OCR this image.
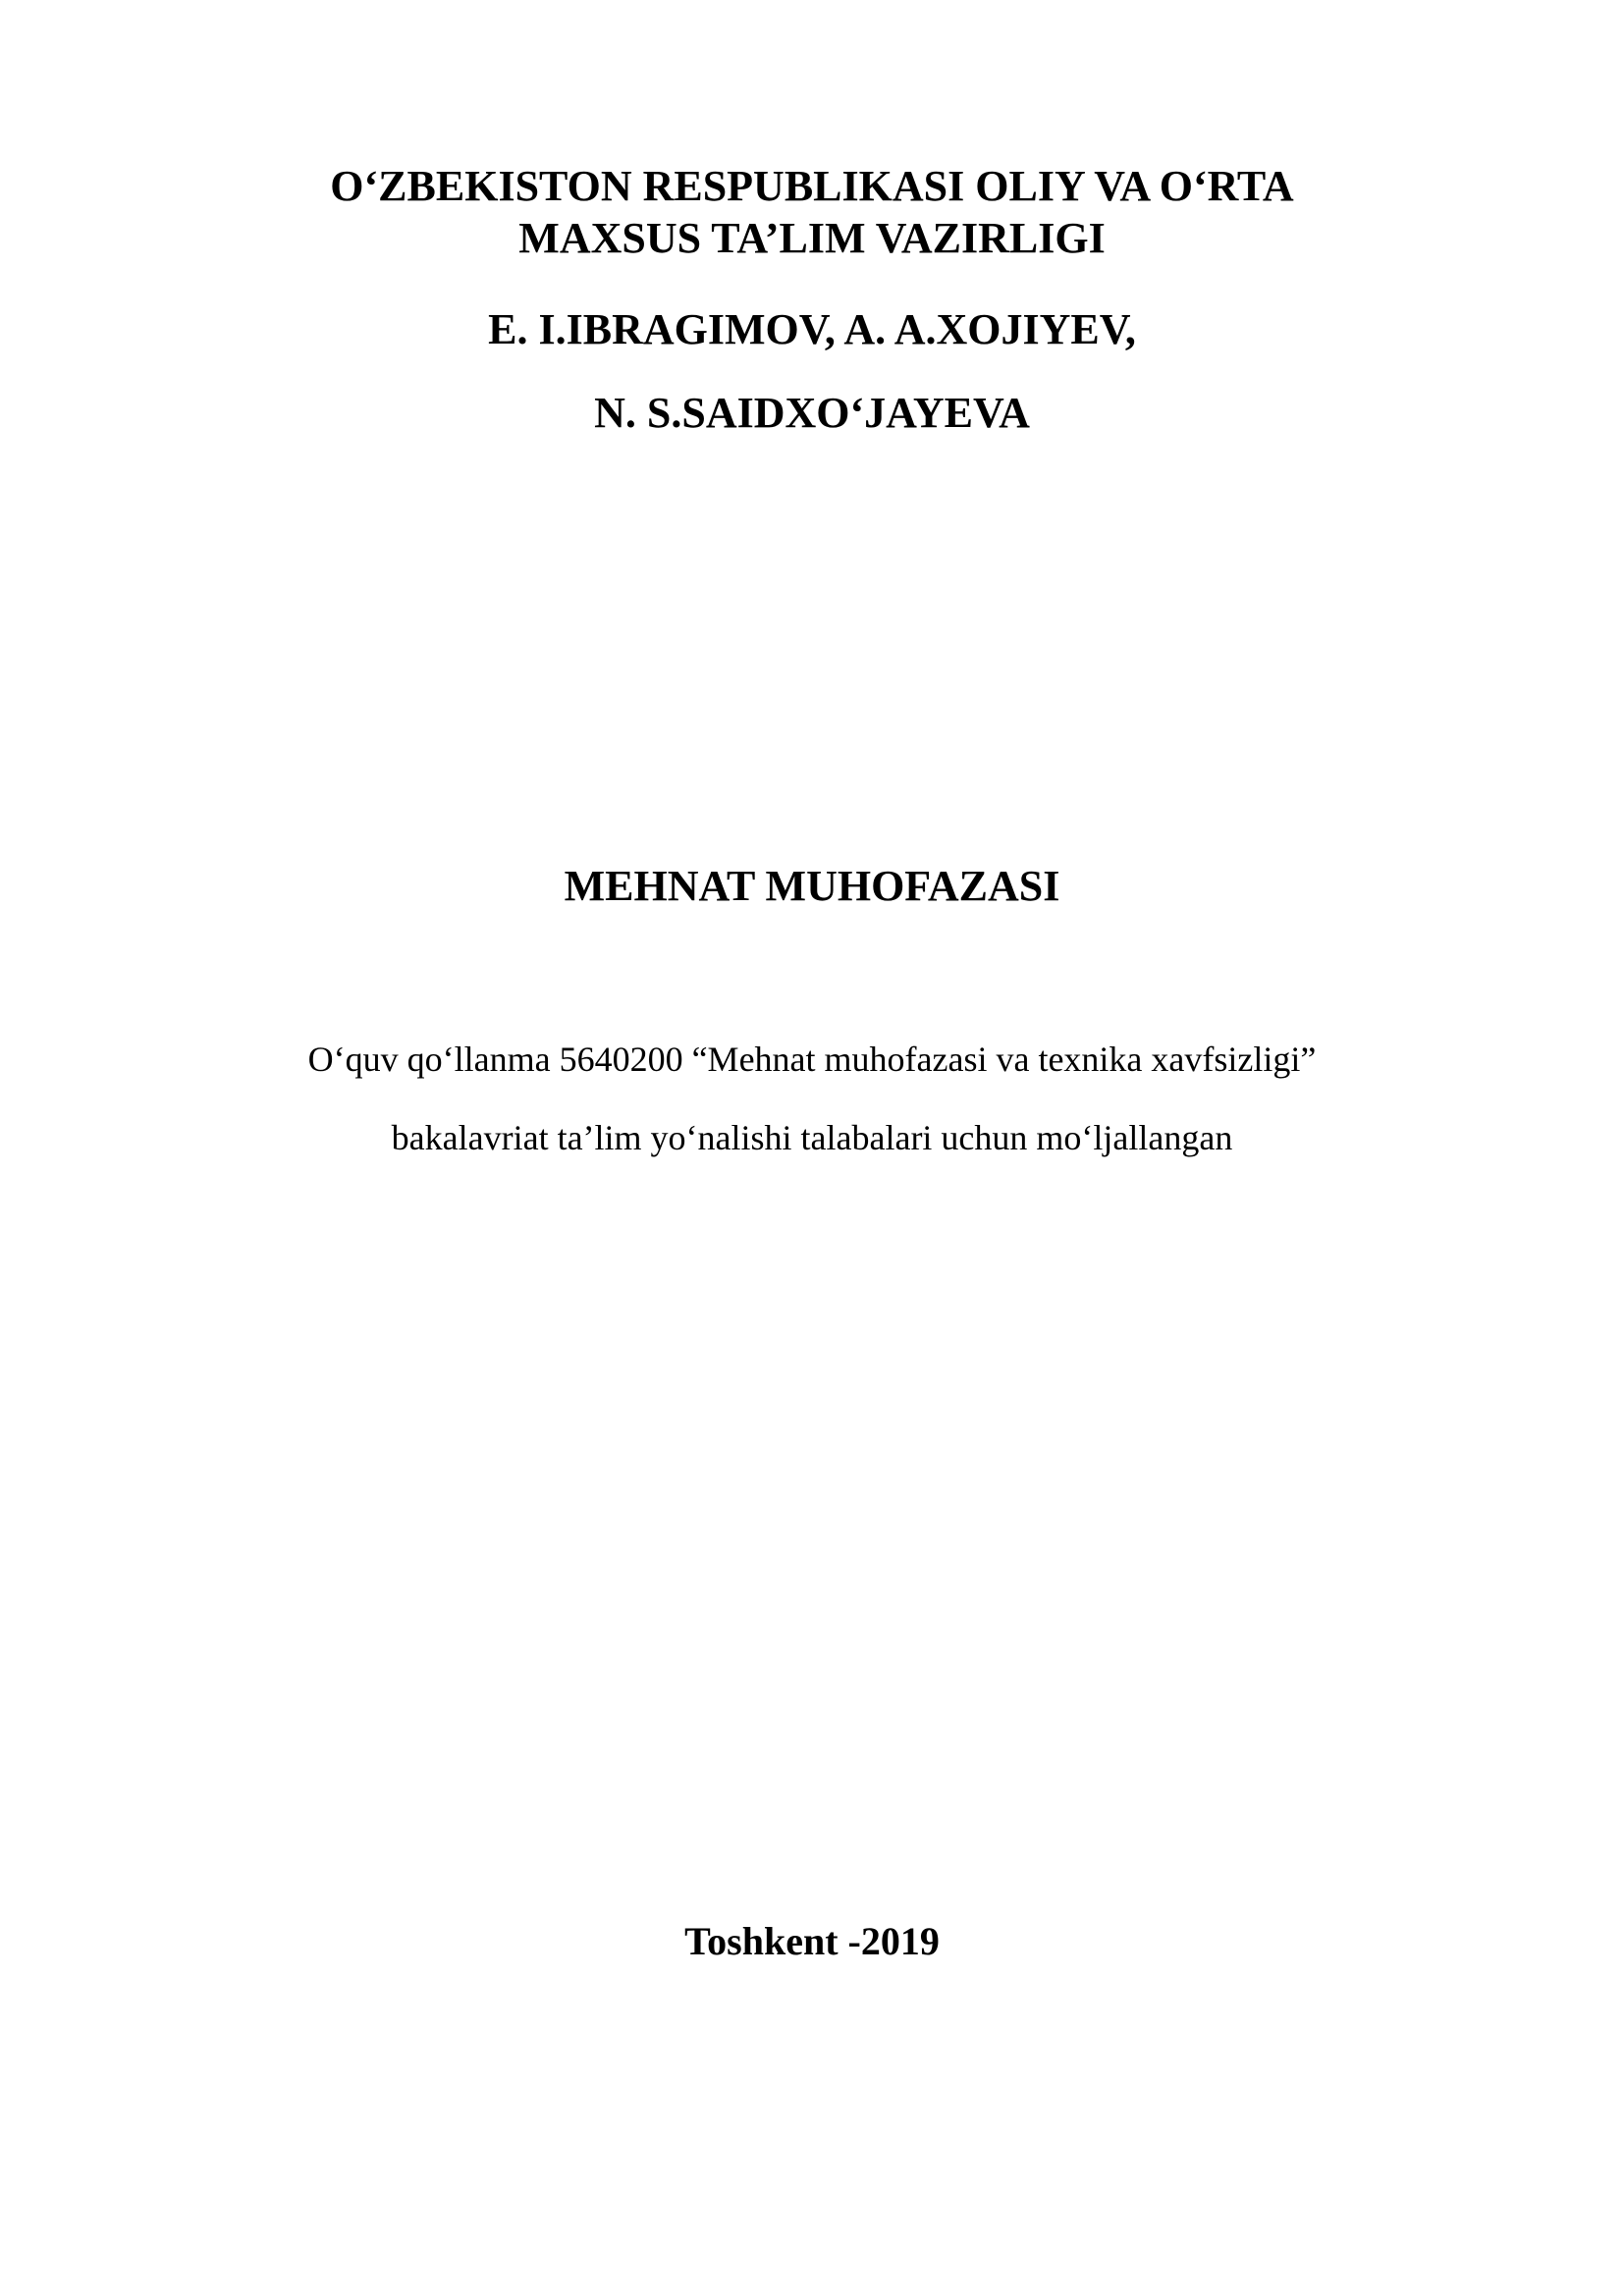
O‘ZBEKISTON RESPUBLIKASI OLIY VA O‘RTA

MAXSUS TA’LIM VAZIRLIGI

E. I.IBRAGIMOV, A. A.XOJIYEV,

N. S.SAIDXO‘JAYEVA

MEHNAT MUHOFAZASI

O‘quv qo‘llanma 5640200 “Mehnat muhofazasi va texnika xavfsizligi”

bakalavriat ta’lim yo‘nalishi talabalari uchun mo‘ljallangan

Toshkent -2019
